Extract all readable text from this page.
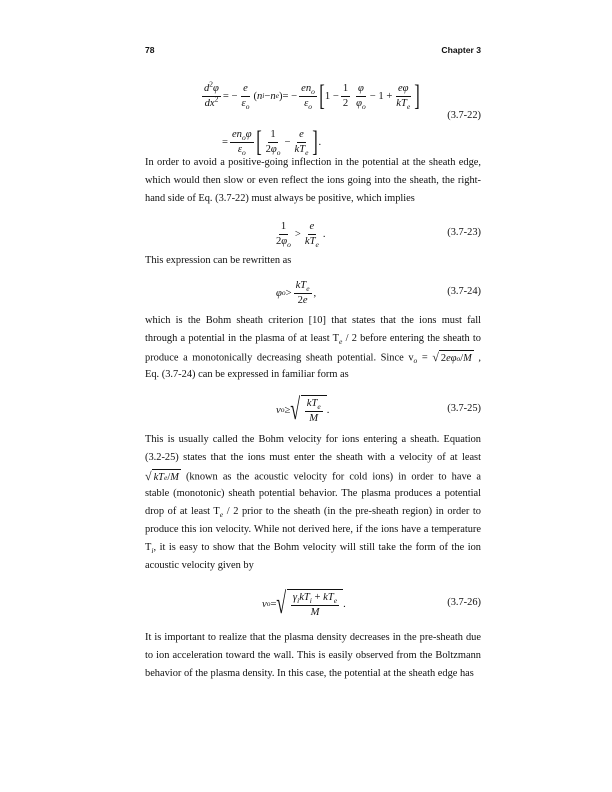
78	Chapter 3
$\frac{d^2\varphi}{dx^2}$ = − $\frac{e}{\varepsilon_o}$ ( n i − n e ) = − $\frac{en_o}{\varepsilon_o}$ [ $1 - \frac{1}{2} \frac{\varphi}{\varphi_o} - 1 + \frac{e\varphi}{kT_e}$ ]
= $\frac{en_o\varphi}{\varepsilon_o}$ [ $\frac{1}{2\varphi_o} - \frac{e}{kT_e}$ ] .
(3.7-22)
$\frac{1}{2\varphi_o} > \frac{e}{kT_e}$ .	(3.7-23)
φ $o > \frac{kT_e}{2e}$ ,	(3.7-24)
v o ≥ √ $\frac{kT_e}{M}$ .	(3.7-25)
v o = √ $\frac{\gamma_ikT_i + kT_e}{M}$ .	(3.7-26)
In order to avoid a positive-going inflection in the potential at the sheath edge,
which would then slow or even reflect the ions going into the sheath, the right-
hand side of Eq. (3.7-22) must always be positive, which implies
This expression can be rewritten as
which is the Bohm sheath criterion [10] that states that the ions must fall
through a potential in the plasma of at least $T_e / 2$ before entering the sheath to
produce a monotonically decreasing sheath potential. Since $v_o$ = √ 2 eφ o / M ,
Eq. (3.7-24) can be expressed in familiar form as
This is usually called the Bohm velocity for ions entering a sheath. Equation
(3.2-25) states that the ions must enter the sheath with a velocity of at least
√ kT e / M (known as the acoustic velocity for cold ions) in order to have a
stable (monotonic) sheath potential behavior. The plasma produces a potential
drop of at least $T_e / 2$ prior to the sheath (in the pre-sheath region) in order to
produce this ion velocity. While not derived here, if the ions have a temperature
$T_i$, it is easy to show that the Bohm velocity will still take the form of the ion
acoustic velocity given by
It is important to realize that the plasma density decreases in the pre-sheath due
to ion acceleration toward the wall. This is easily observed from the Boltzmann
behavior of the plasma density. In this case, the potential at the sheath edge has
